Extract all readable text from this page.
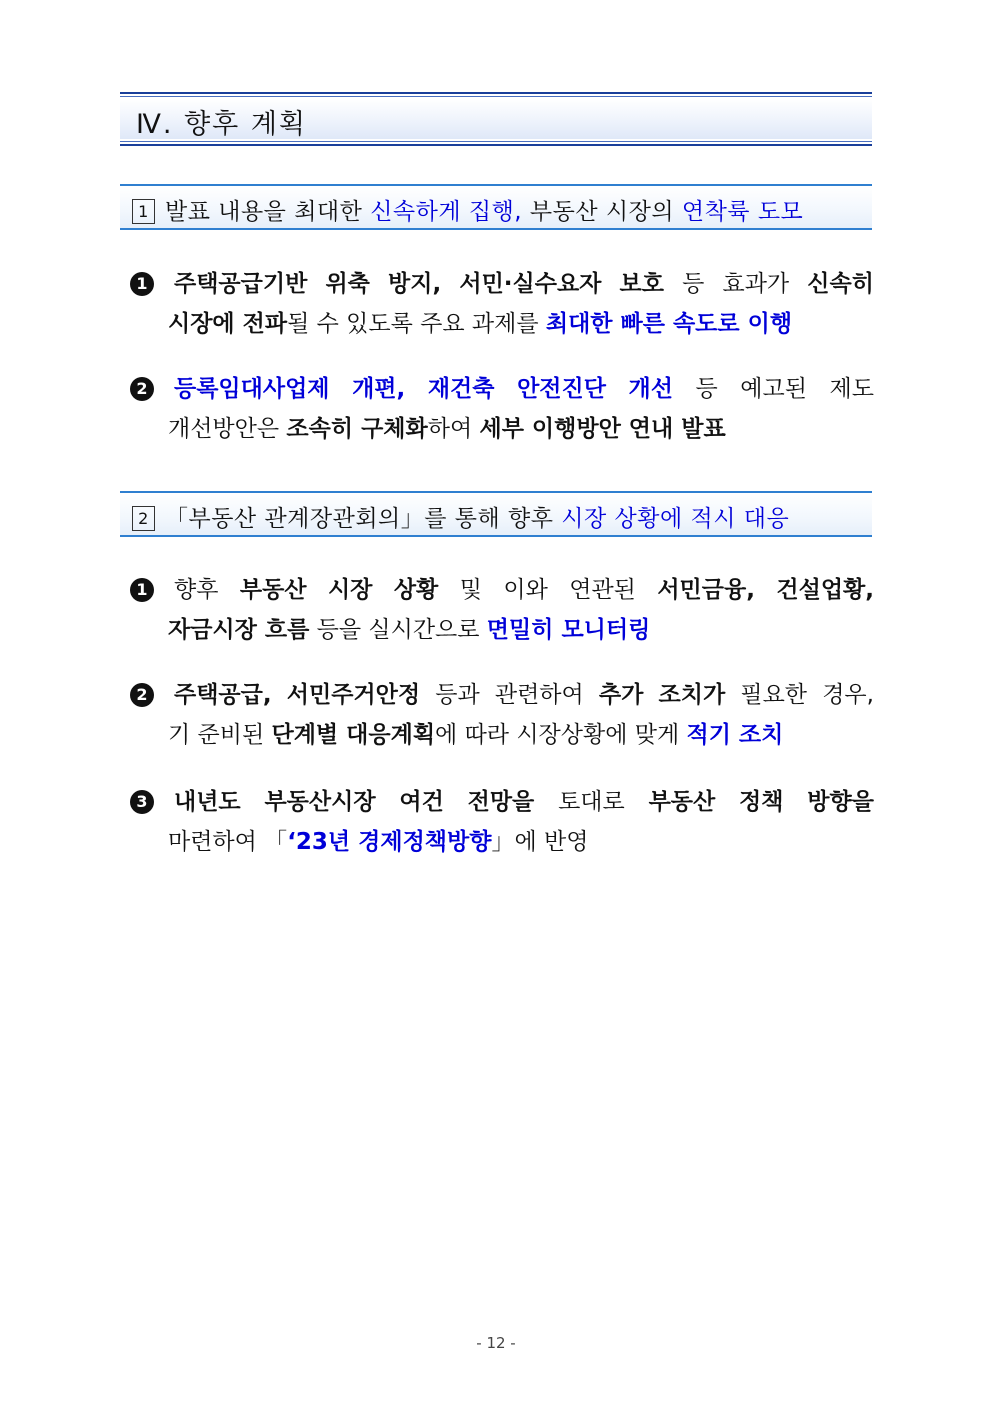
Ⅳ. 향후 계획
1 발표 내용을 최대한 신속하게 집행, 부동산 시장의 연착륙 도모
1 주택공급기반 위축 방지, 서민·실수요자 보호 등 효과가 신속히
시장에 전파될 수 있도록 주요 과제를 최대한 빠른 속도로 이행
2 등록임대사업제 개편, 재건축 안전진단 개선 등 예고된 제도
개선방안은 조속히 구체화하여 세부 이행방안 연내 발표
2 「부동산 관계장관회의」를 통해 향후 시장 상황에 적시 대응
1 향후 부동산 시장 상황 및 이와 연관된 서민금융, 건설업황,
자금시장 흐름 등을 실시간으로 면밀히 모니터링
2 주택공급, 서민주거안정 등과 관련하여 추가 조치가 필요한 경우,
기 준비된 단계별 대응계획에 따라 시장상황에 맞게 적기 조치
3 내년도 부동산시장 여건 전망을 토대로 부동산 정책 방향을
마련하여 「‘23년 경제정책방향」에 반영
- 12 -
